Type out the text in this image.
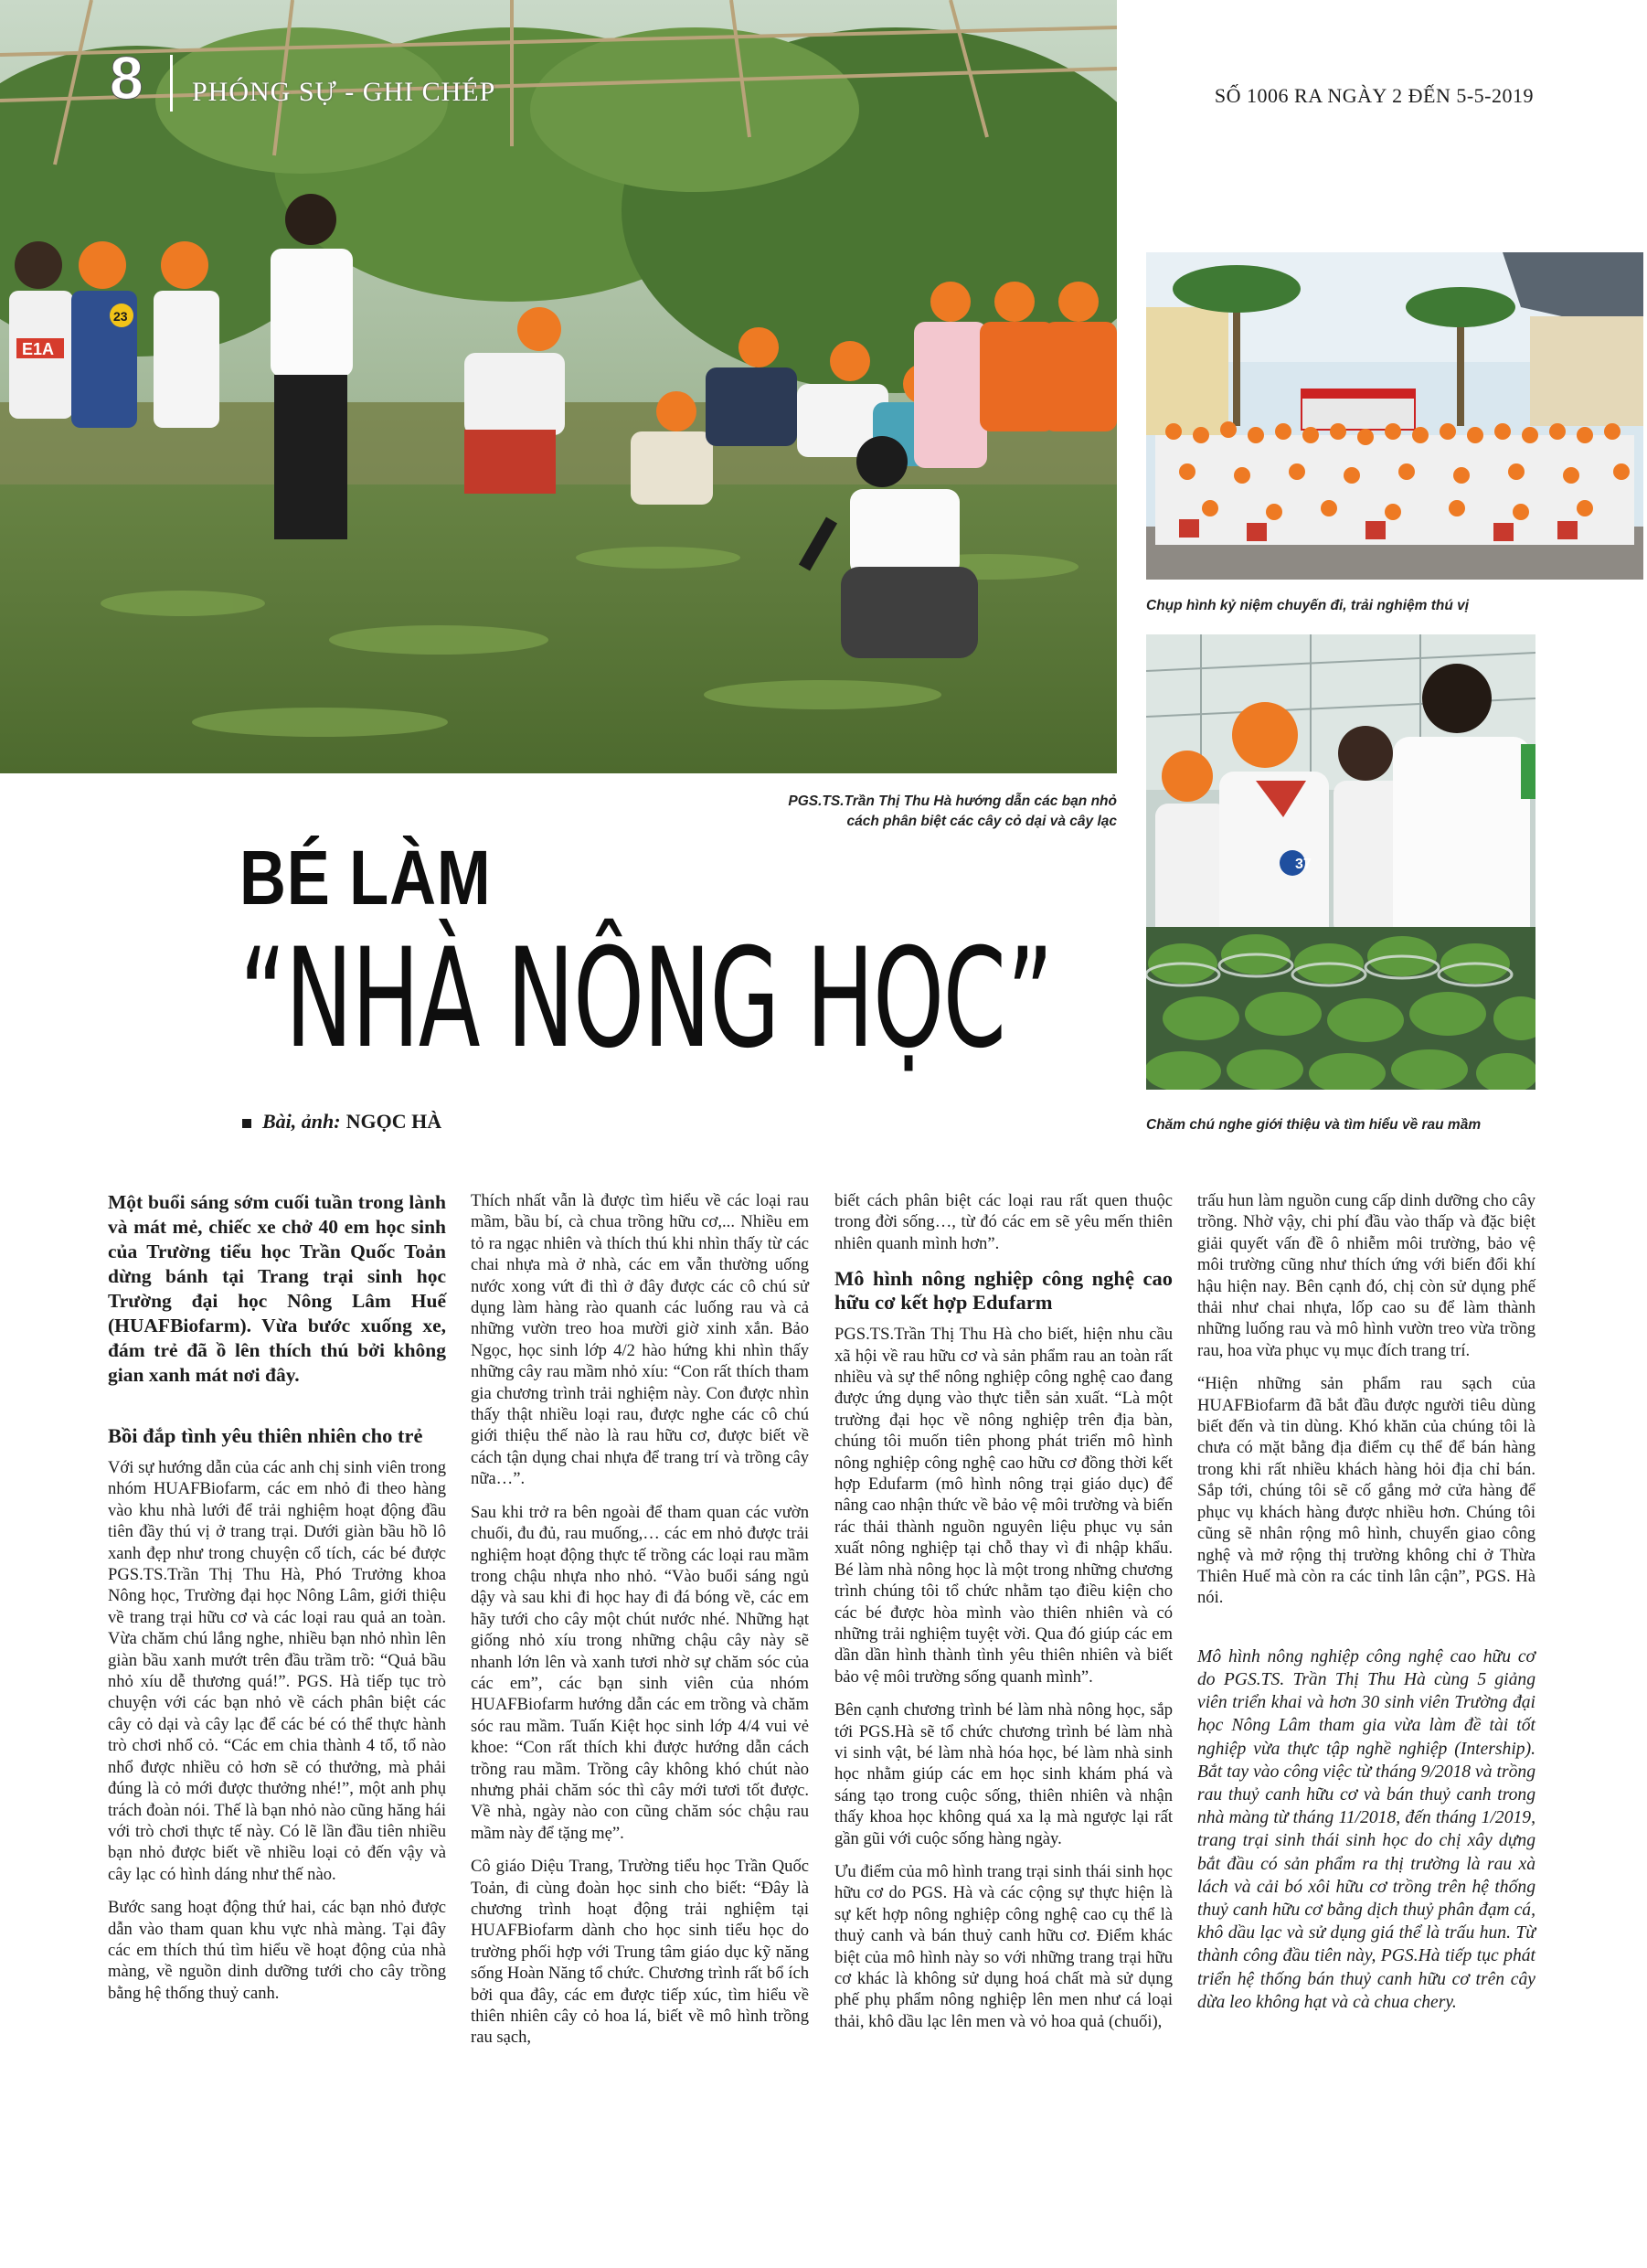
E1A
23
8 PHÓNG SỰ - GHI CHÉP	SỐ 1006 RA NGÀY 2 ĐẾN 5-5-2019
PGS.TS.Trần Thị Thu Hà hướng dẫn các bạn nhỏ
cách phân biệt các cây cỏ dại và cây lạc
Chụp hình kỷ niệm chuyến đi, trải nghiệm thú vị
37
Chăm chú nghe giới thiệu và tìm hiểu về rau mầm
BÉ LÀM
“NHÀ NÔNG HỌC”
Bài, ảnh: NGỌC HÀ

Một buổi sáng sớm cuối tuần trong lành và mát mẻ, chiếc xe chở 40 em học sinh của Trường tiểu học Trần Quốc Toản dừng bánh tại Trang trại sinh học Trường đại học Nông Lâm Huế (HUAFBiofarm). Vừa bước xuống xe, đám trẻ đã ồ lên thích thú bởi không gian xanh mát nơi đây.

Bồi đắp tình yêu thiên nhiên cho trẻ

Với sự hướng dẫn của các anh chị sinh viên trong nhóm HUAFBiofarm, các em nhỏ đi theo hàng vào khu nhà lưới để trải nghiệm hoạt động đầu tiên đầy thú vị ở trang trại. Dưới giàn bầu hồ lô xanh đẹp như trong chuyện cổ tích, các bé được PGS.TS.Trần Thị Thu Hà, Phó Trưởng khoa Nông học, Trường đại học Nông Lâm, giới thiệu về trang trại hữu cơ và các loại rau quả an toàn. Vừa chăm chú lắng nghe, nhiều bạn nhỏ nhìn lên giàn bầu xanh mướt trên đầu trầm trồ: “Quả bầu nhỏ xíu dễ thương quá!”. PGS. Hà tiếp tục trò chuyện với các bạn nhỏ về cách phân biệt các cây cỏ dại và cây lạc để các bé có thể thực hành trò chơi nhổ cỏ. “Các em chia thành 4 tổ, tổ nào nhổ được nhiều cỏ hơn sẽ có thưởng, mà phải đúng là cỏ mới được thưởng nhé!”, một anh phụ trách đoàn nói. Thế là bạn nhỏ nào cũng hăng hái với trò chơi thực tế này. Có lẽ lần đầu tiên nhiều bạn nhỏ được biết về nhiều loại cỏ đến vậy và cây lạc có hình dáng như thế nào.

Bước sang hoạt động thứ hai, các bạn nhỏ được dẫn vào tham quan khu vực nhà màng. Tại đây các em thích thú tìm hiểu về hoạt động của nhà màng, về nguồn dinh dưỡng tưới cho cây trồng bằng hệ thống thuỷ canh.

Thích nhất vẫn là được tìm hiểu về các loại rau mầm, bầu bí, cà chua trồng hữu cơ,... Nhiều em tỏ ra ngạc nhiên và thích thú khi nhìn thấy từ các chai nhựa mà ở nhà, các em vẫn thường uống nước xong vứt đi thì ở đây được các cô chú sử dụng làm hàng rào quanh các luống rau và cả những vườn treo hoa mười giờ xinh xắn. Bảo Ngọc, học sinh lớp 4/2 hào hứng khi nhìn thấy những cây rau mầm nhỏ xíu: “Con rất thích tham gia chương trình trải nghiệm này. Con được nhìn thấy thật nhiều loại rau, được nghe các cô chú giới thiệu thế nào là rau hữu cơ, được biết về cách tận dụng chai nhựa để trang trí và trồng cây nữa…”.

Sau khi trở ra bên ngoài để tham quan các vườn chuối, đu đủ, rau muống,… các em nhỏ được trải nghiệm hoạt động thực tế trồng các loại rau mầm trong chậu nhựa nho nhỏ. “Vào buổi sáng ngủ dậy và sau khi đi học hay đi đá bóng về, các em hãy tưới cho cây một chút nước nhé. Những hạt giống nhỏ xíu trong những chậu cây này sẽ nhanh lớn lên và xanh tươi nhờ sự chăm sóc của các em”, các bạn sinh viên của nhóm HUAFBiofarm hướng dẫn các em trồng và chăm sóc rau mầm. Tuấn Kiệt học sinh lớp 4/4 vui vẻ khoe: “Con rất thích khi được hướng dẫn cách trồng rau mầm. Trồng cây không khó chút nào nhưng phải chăm sóc thì cây mới tươi tốt được. Về nhà, ngày nào con cũng chăm sóc chậu rau mầm này để tặng mẹ”.

Cô giáo Diệu Trang, Trường tiểu học Trần Quốc Toản, đi cùng đoàn học sinh cho biết: “Đây là chương trình hoạt động trải nghiệm tại HUAFBiofarm dành cho học sinh tiểu học do trường phối hợp với Trung tâm giáo dục kỹ năng sống Hoàn Năng tổ chức. Chương trình rất bổ ích bởi qua đây, các em được tiếp xúc, tìm hiểu về thiên nhiên cây cỏ hoa lá, biết về mô hình trồng rau sạch,

biết cách phân biệt các loại rau rất quen thuộc trong đời sống…, từ đó các em sẽ yêu mến thiên nhiên quanh mình hơn”.

Mô hình nông nghiệp công nghệ cao hữu cơ kết hợp Edufarm

PGS.TS.Trần Thị Thu Hà cho biết, hiện nhu cầu xã hội về rau hữu cơ và sản phẩm rau an toàn rất nhiều và sự thể nông nghiệp công nghệ cao đang được ứng dụng vào thực tiễn sản xuất. “Là một trường đại học về nông nghiệp trên địa bàn, chúng tôi muốn tiên phong phát triển mô hình nông nghiệp công nghệ cao hữu cơ đồng thời kết hợp Edufarm (mô hình nông trại giáo dục) để nâng cao nhận thức về bảo vệ môi trường và biến rác thải thành nguồn nguyên liệu phục vụ sản xuất nông nghiệp tại chỗ thay vì đi nhập khẩu. Bé làm nhà nông học là một trong những chương trình chúng tôi tổ chức nhằm tạo điều kiện cho các bé được hòa mình vào thiên nhiên và có những trải nghiệm tuyệt vời. Qua đó giúp các em dần dần hình thành tình yêu thiên nhiên và biết bảo vệ môi trường sống quanh mình”.

Bên cạnh chương trình bé làm nhà nông học, sắp tới PGS.Hà sẽ tổ chức chương trình bé làm nhà vi sinh vật, bé làm nhà hóa học, bé làm nhà sinh học nhằm giúp các em học sinh khám phá và sáng tạo trong cuộc sống, thiên nhiên và nhận thấy khoa học không quá xa lạ mà ngược lại rất gần gũi với cuộc sống hàng ngày.

Ưu điểm của mô hình trang trại sinh thái sinh học hữu cơ do PGS. Hà và các cộng sự thực hiện là sự kết hợp nông nghiệp công nghệ cao cụ thể là thuỷ canh và bán thuỷ canh hữu cơ. Điểm khác biệt của mô hình này so với những trang trại hữu cơ khác là không sử dụng hoá chất mà sử dụng phế phụ phẩm nông nghiệp lên men như cá loại thải, khô dầu lạc lên men và vỏ hoa quả (chuối),

trấu hun làm nguồn cung cấp dinh dưỡng cho cây trồng. Nhờ vậy, chi phí đầu vào thấp và đặc biệt giải quyết vấn đề ô nhiễm môi trường, bảo vệ môi trường cũng như thích ứng với biến đổi khí hậu hiện nay. Bên cạnh đó, chị còn sử dụng phế thải như chai nhựa, lốp cao su để làm thành những luống rau và mô hình vườn treo vừa trồng rau, hoa vừa phục vụ mục đích trang trí.

“Hiện những sản phẩm rau sạch của HUAFBiofarm đã bắt đầu được người tiêu dùng biết đến và tin dùng. Khó khăn của chúng tôi là chưa có mặt bằng địa điểm cụ thể để bán hàng trong khi rất nhiều khách hàng hỏi địa chỉ bán. Sắp tới, chúng tôi sẽ cố gắng mở cửa hàng để phục vụ khách hàng được nhiều hơn. Chúng tôi cũng sẽ nhân rộng mô hình, chuyển giao công nghệ và mở rộng thị trường không chỉ ở Thừa Thiên Huế mà còn ra các tỉnh lân cận”, PGS. Hà nói.

Mô hình nông nghiệp công nghệ cao hữu cơ do PGS.TS. Trần Thị Thu Hà cùng 5 giảng viên triển khai và hơn 30 sinh viên Trường đại học Nông Lâm tham gia vừa làm đề tài tốt nghiệp vừa thực tập nghề nghiệp (Intership). Bắt tay vào công việc từ tháng 9/2018 và trồng rau thuỷ canh hữu cơ và bán thuỷ canh trong nhà màng từ tháng 11/2018, đến tháng 1/2019, trang trại sinh thái sinh học do chị xây dựng bắt đầu có sản phẩm ra thị trường là rau xà lách và cải bó xôi hữu cơ trồng trên hệ thống thuỷ canh hữu cơ bằng dịch thuỷ phân đạm cá, khô dầu lạc và sử dụng giá thể là trấu hun. Từ thành công đầu tiên này, PGS.Hà tiếp tục phát triển hệ thống bán thuỷ canh hữu cơ trên cây dừa leo không hạt và cà chua chery.
